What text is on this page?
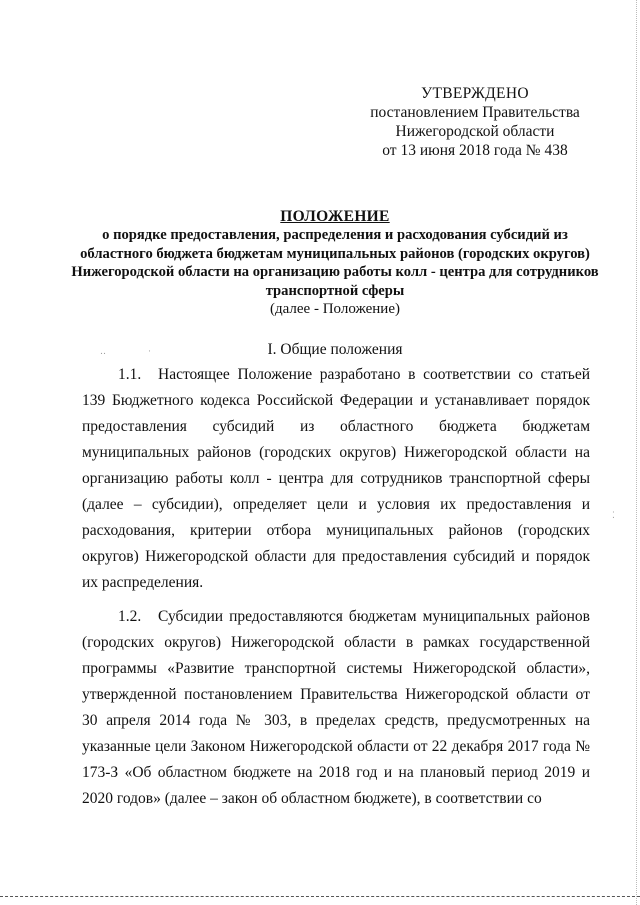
УТВЕРЖДЕНО
постановлением Правительства
Нижегородской области
от 13 июня 2018 года № 438
ПОЛОЖЕНИЕ
о порядке предоставления, распределения и расходования субсидий из областного бюджета бюджетам муниципальных районов (городских округов) Нижегородской области на организацию работы колл - центра для сотрудников транспортной сферы
(далее - Положение)
I. Общие положения

1.1. Настоящее Положение разработано в соответствии со статьей 139 Бюджетного кодекса Российской Федерации и устанавливает порядок предоставления субсидий из областного бюджета бюджетам муниципальных районов (городских округов) Нижегородской области на организацию работы колл - центра для сотрудников транспортной сферы (далее – субсидии), определяет цели и условия их предоставления и расходования, критерии отбора муниципальных районов (городских округов) Нижегородской области для предоставления субсидий и порядок их распределения.

1.2. Субсидии предоставляются бюджетам муниципальных районов (городских округов) Нижегородской области в рамках государственной программы «Развитие транспортной системы Нижегородской области», утвержденной постановлением Правительства Нижегородской области от 30 апреля 2014 года № 303, в пределах средств, предусмотренных на указанные цели Законом Нижегородской области от 22 декабря 2017 года № 173-З «Об областном бюджете на 2018 год и на плановый период 2019 и 2020 годов» (далее – закон об областном бюджете), в соответствии со

‥	·
⁚
